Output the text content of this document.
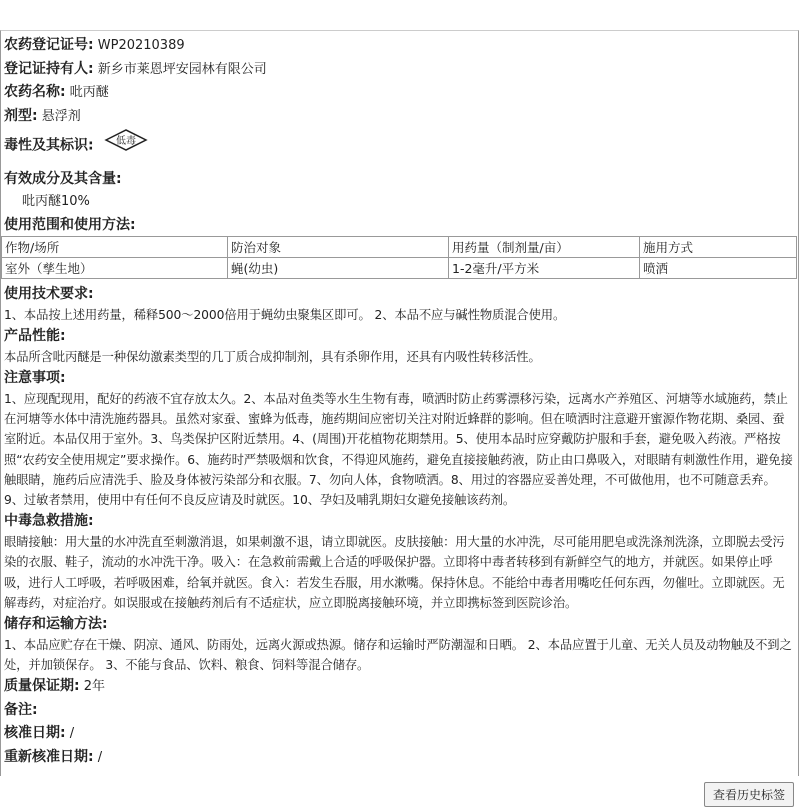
农药登记证号: WP20210389
登记证持有人: 新乡市莱恩坪安园林有限公司
农药名称: 吡丙醚
剂型: 悬浮剂
毒性及其标识: 低毒
有效成分及其含量:
吡丙醚10%
使用范围和使用方法:
作物/场所	防治对象	用药量（制剂量/亩）	施用方式
室外（孳生地）	蝇(幼虫)	1-2毫升/平方米	喷洒
使用技术要求:
1、本品按上述用药量，稀释500～2000倍用于蝇幼虫聚集区即可。 2、本品不应与碱性物质混合使用。
产品性能:
本品所含吡丙醚是一种保幼激素类型的几丁质合成抑制剂，具有杀卵作用，还具有内吸性转移活性。
注意事项:
1、应现配现用，配好的药液不宜存放太久。2、本品对鱼类等水生生物有毒，喷洒时防止药雾漂移污染，远离水产养殖区、河塘等水域施药，禁止在河塘等水体中清洗施药器具。虽然对家蚕、蜜蜂为低毒，施药期间应密切关注对附近蜂群的影响。但在喷洒时注意避开蜜源作物花期、桑园、蚕室附近。本品仅用于室外。3、鸟类保护区附近禁用。4、(周围)开花植物花期禁用。5、使用本品时应穿戴防护服和手套，避免吸入药液。严格按照“农药安全使用规定”要求操作。6、施药时严禁吸烟和饮食，不得迎风施药，避免直接接触药液，防止由口鼻吸入，对眼睛有刺激性作用，避免接触眼睛，施药后应清洗手、脸及身体被污染部分和衣服。7、勿向人体，食物喷洒。8、用过的容器应妥善处理，不可做他用，也不可随意丢弃。9、过敏者禁用，使用中有任何不良反应请及时就医。10、孕妇及哺乳期妇女避免接触该药剂。
中毒急救措施:
眼睛接触：用大量的水冲洗直至刺激消退，如果刺激不退，请立即就医。皮肤接触：用大量的水冲洗，尽可能用肥皂或洗涤剂洗涤，立即脱去受污染的衣服、鞋子，流动的水冲洗干净。吸入：在急救前需戴上合适的呼吸保护器。立即将中毒者转移到有新鲜空气的地方，并就医。如果停止呼吸，进行人工呼吸，若呼吸困难，给氧并就医。食入：若发生吞服，用水漱嘴。保持休息。不能给中毒者用嘴吃任何东西，勿催吐。立即就医。无解毒药，对症治疗。如误服或在接触药剂后有不适症状，应立即脱离接触环境，并立即携标签到医院诊治。
储存和运输方法:
1、本品应贮存在干燥、阴凉、通风、防雨处，远离火源或热源。储存和运输时严防潮湿和日晒。 2、本品应置于儿童、无关人员及动物触及不到之处，并加锁保存。 3、不能与食品、饮料、粮食、饲料等混合储存。
质量保证期: 2年
备注:
核准日期: /
重新核准日期: /
查看历史标签
